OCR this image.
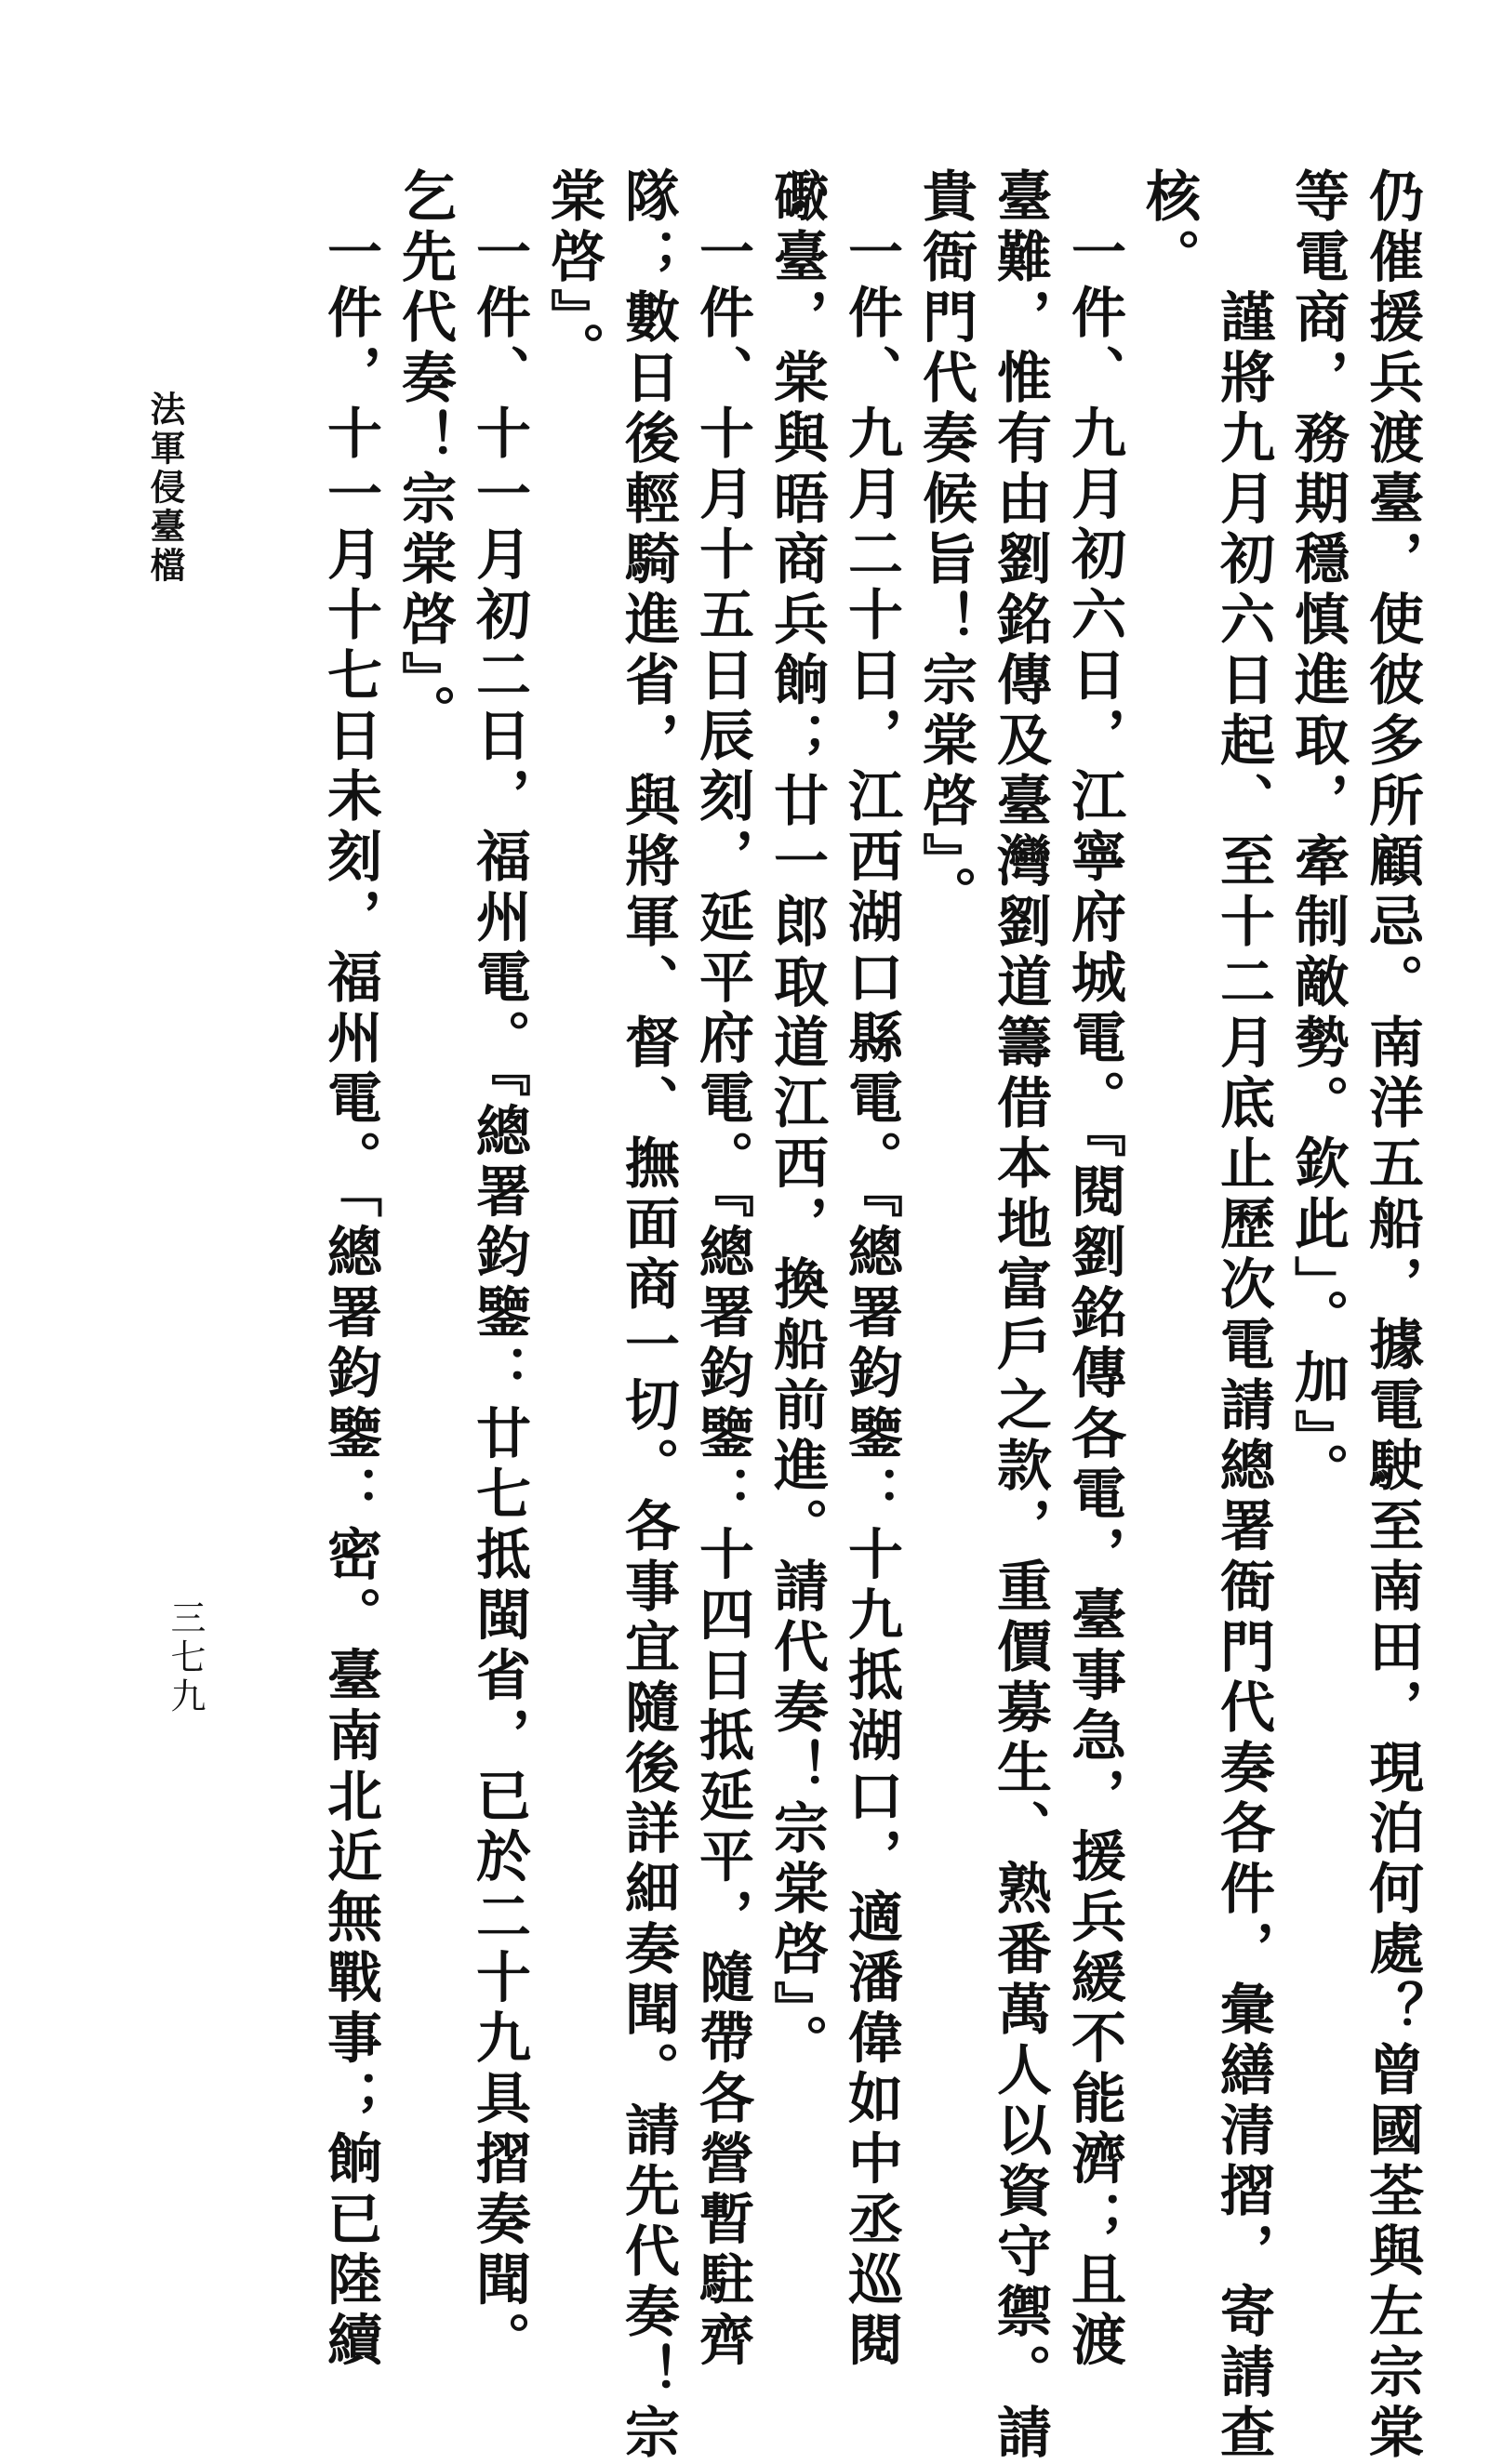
仍催援兵渡臺，使彼多所顧忌。南洋五船，據電駛至南田，現泊何處？曾國荃與左宗棠
等電商，務期穩慎進取，牽制敵勢。欽此」。加』。
謹將九月初六日起、至十二月底止歷次電請總署衙門代奏各件，彙繕清摺，寄請查
核。
一件、九月初六日，江寧府城電。『閱劉銘傳各電，臺事急，援兵緩不能濟；且渡
臺難，惟有由劉銘傳及臺灣劉道籌借本地富戶之款，重價募生、熟番萬人以資守禦。請
貴衙門代奏候旨！宗棠啓』。
一件、九月二十日，江西湖口縣電。『總署鈞鑒：十九抵湖口，適潘偉如中丞巡閱
礮臺，棠與晤商兵餉；廿一郎取道江西，換船前進。請代奏！宗棠啓』。
一件、十月十五日辰刻，延平府電。『總署鈞鑒：十四日抵延平，隨帶各營暫駐齊
隊；數日後輕騎進省，與將軍、督、撫面商一切。各事宜隨後詳細奏聞。請先代奏！宗
棠啓』。
一件、十一月初二日，福州電。『總署鈞鑒：廿七抵閩省，已於二十九具摺奏聞。
乞先代奏！宗棠啓』。
一件，十一月十七日未刻，福州電。「總署鈞鑒：密。臺南北近無戰事；餉已陸續
法軍侵臺檔
三七九
